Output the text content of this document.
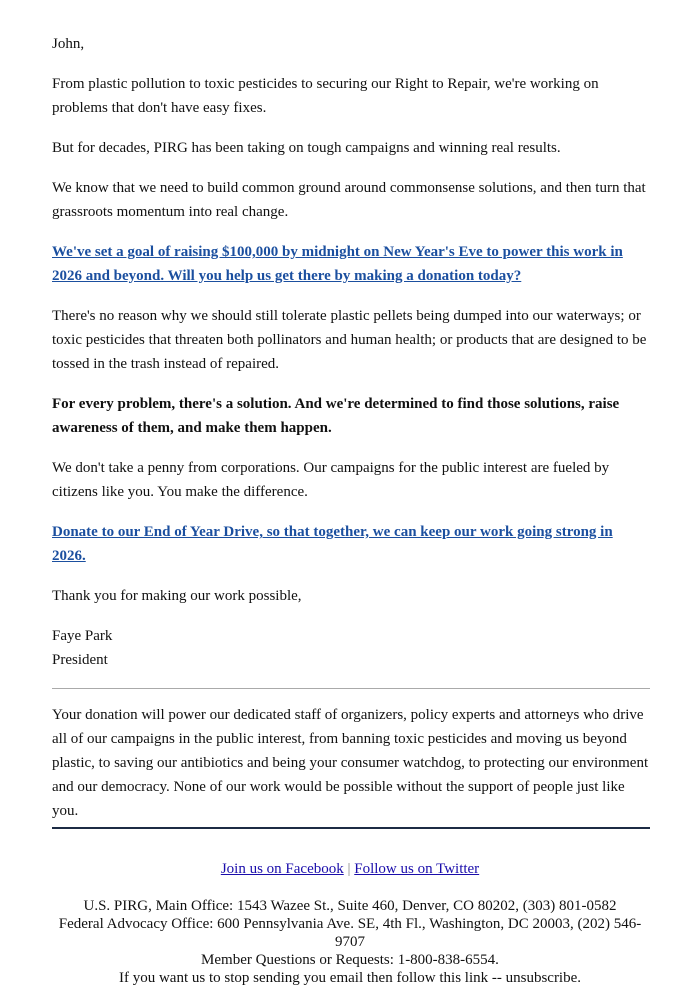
John,

From plastic pollution to toxic pesticides to securing our Right to Repair, we're working on problems that don't have easy fixes.

But for decades, PIRG has been taking on tough campaigns and winning real results.

We know that we need to build common ground around commonsense solutions, and then turn that grassroots momentum into real change.

We've set a goal of raising $100,000 by midnight on New Year's Eve to power this work in 2026 and beyond. Will you help us get there by making a donation today?

There's no reason why we should still tolerate plastic pellets being dumped into our waterways; or toxic pesticides that threaten both pollinators and human health; or products that are designed to be tossed in the trash instead of repaired.

For every problem, there's a solution. And we're determined to find those solutions, raise awareness of them, and make them happen.

We don't take a penny from corporations. Our campaigns for the public interest are fueled by citizens like you. You make the difference.

Donate to our End of Year Drive, so that together, we can keep our work going strong in 2026.

Thank you for making our work possible,

Faye Park
President

Your donation will power our dedicated staff of organizers, policy experts and attorneys who drive all of our campaigns in the public interest, from banning toxic pesticides and moving us beyond plastic, to saving our antibiotics and being your consumer watchdog, to protecting our environment and our democracy. None of our work would be possible without the support of people just like you.

Join us on Facebook | Follow us on Twitter
U.S. PIRG, Main Office: 1543 Wazee St., Suite 460, Denver, CO 80202, (303) 801-0582
Federal Advocacy Office: 600 Pennsylvania Ave. SE, 4th Fl., Washington, DC 20003, (202) 546-9707
Member Questions or Requests: 1-800-838-6554.
If you want us to stop sending you email then follow this link -- unsubscribe.
